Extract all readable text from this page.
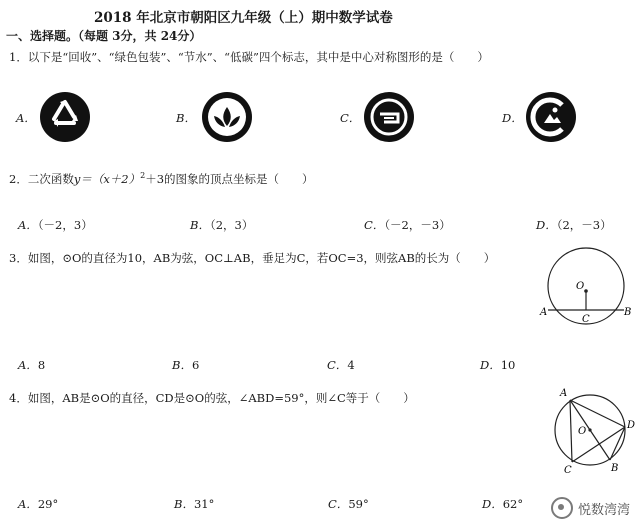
2018 年北京市朝阳区九年级（上）期中数学试卷
一、选择题。（每题 3分，共 24分）
1．以下是“回收”、“绿色包装”、“节水”、“低碳”四个标志，其中是中心对称图形的是（　　）
A．	B．	C．	D．
2．二次函数$y=(x+2)^2+3$的图象的顶点坐标是（　　）
A．（－2，3）	B．（2，3）	C．（－2，－3）	D．（2，－3）
3．如图，⊙O的直径为10，AB为弦，OC⊥AB，垂足为C，若OC=3，则弦AB的长为（　　）
O
A	B
C
A．8	B．6	C．4	D．10
4．如图，AB是⊙O的直径，CD是⊙O的弦，∠ABD=59°，则∠C等于（　　）	A
B
C
D
O
A．29°	B．31°	C．59°	D．62°	悦数湾湾
